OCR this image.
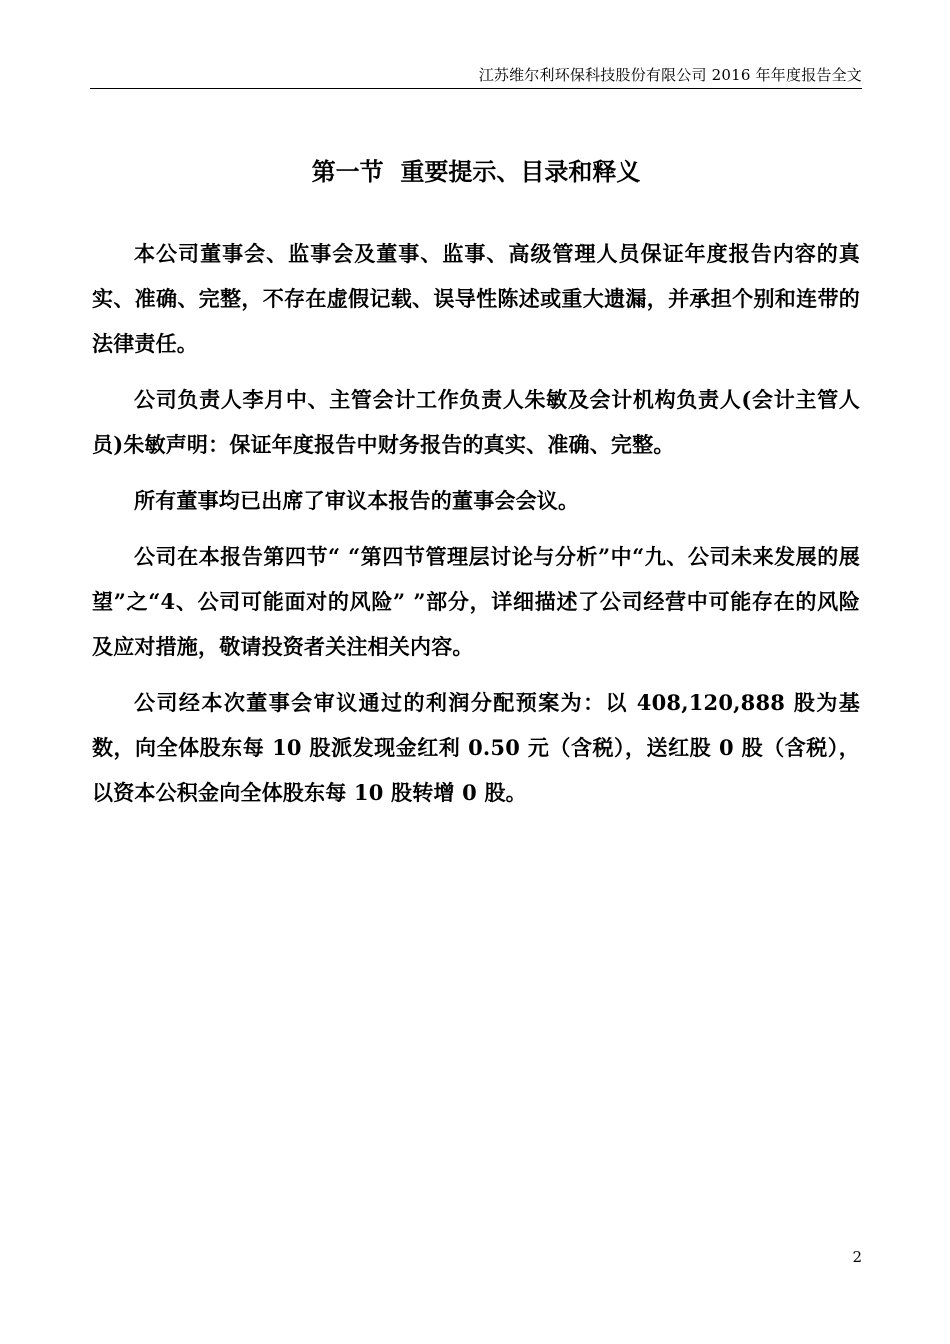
江苏维尔利环保科技股份有限公司 2016 年年度报告全文
第一节  重要提示、目录和释义

本公司董事会、监事会及董事、监事、高级管理人员保证年度报告内容的真实、准确、完整，不存在虚假记载、误导性陈述或重大遗漏，并承担个别和连带的法律责任。

公司负责人李月中、主管会计工作负责人朱敏及会计机构负责人(会计主管人员)朱敏声明：保证年度报告中财务报告的真实、准确、完整。

所有董事均已出席了审议本报告的董事会会议。

公司在本报告第四节“ “第四节管理层讨论与分析”中“九、公司未来发展的展望”之“4、公司可能面对的风险” ”部分，详细描述了公司经营中可能存在的风险及应对措施，敬请投资者关注相关内容。

公司经本次董事会审议通过的利润分配预案为：以 408,120,888 股为基数，向全体股东每 10 股派发现金红利 0.50 元（含税），送红股 0 股（含税），以资本公积金向全体股东每 10 股转增 0 股。

2
